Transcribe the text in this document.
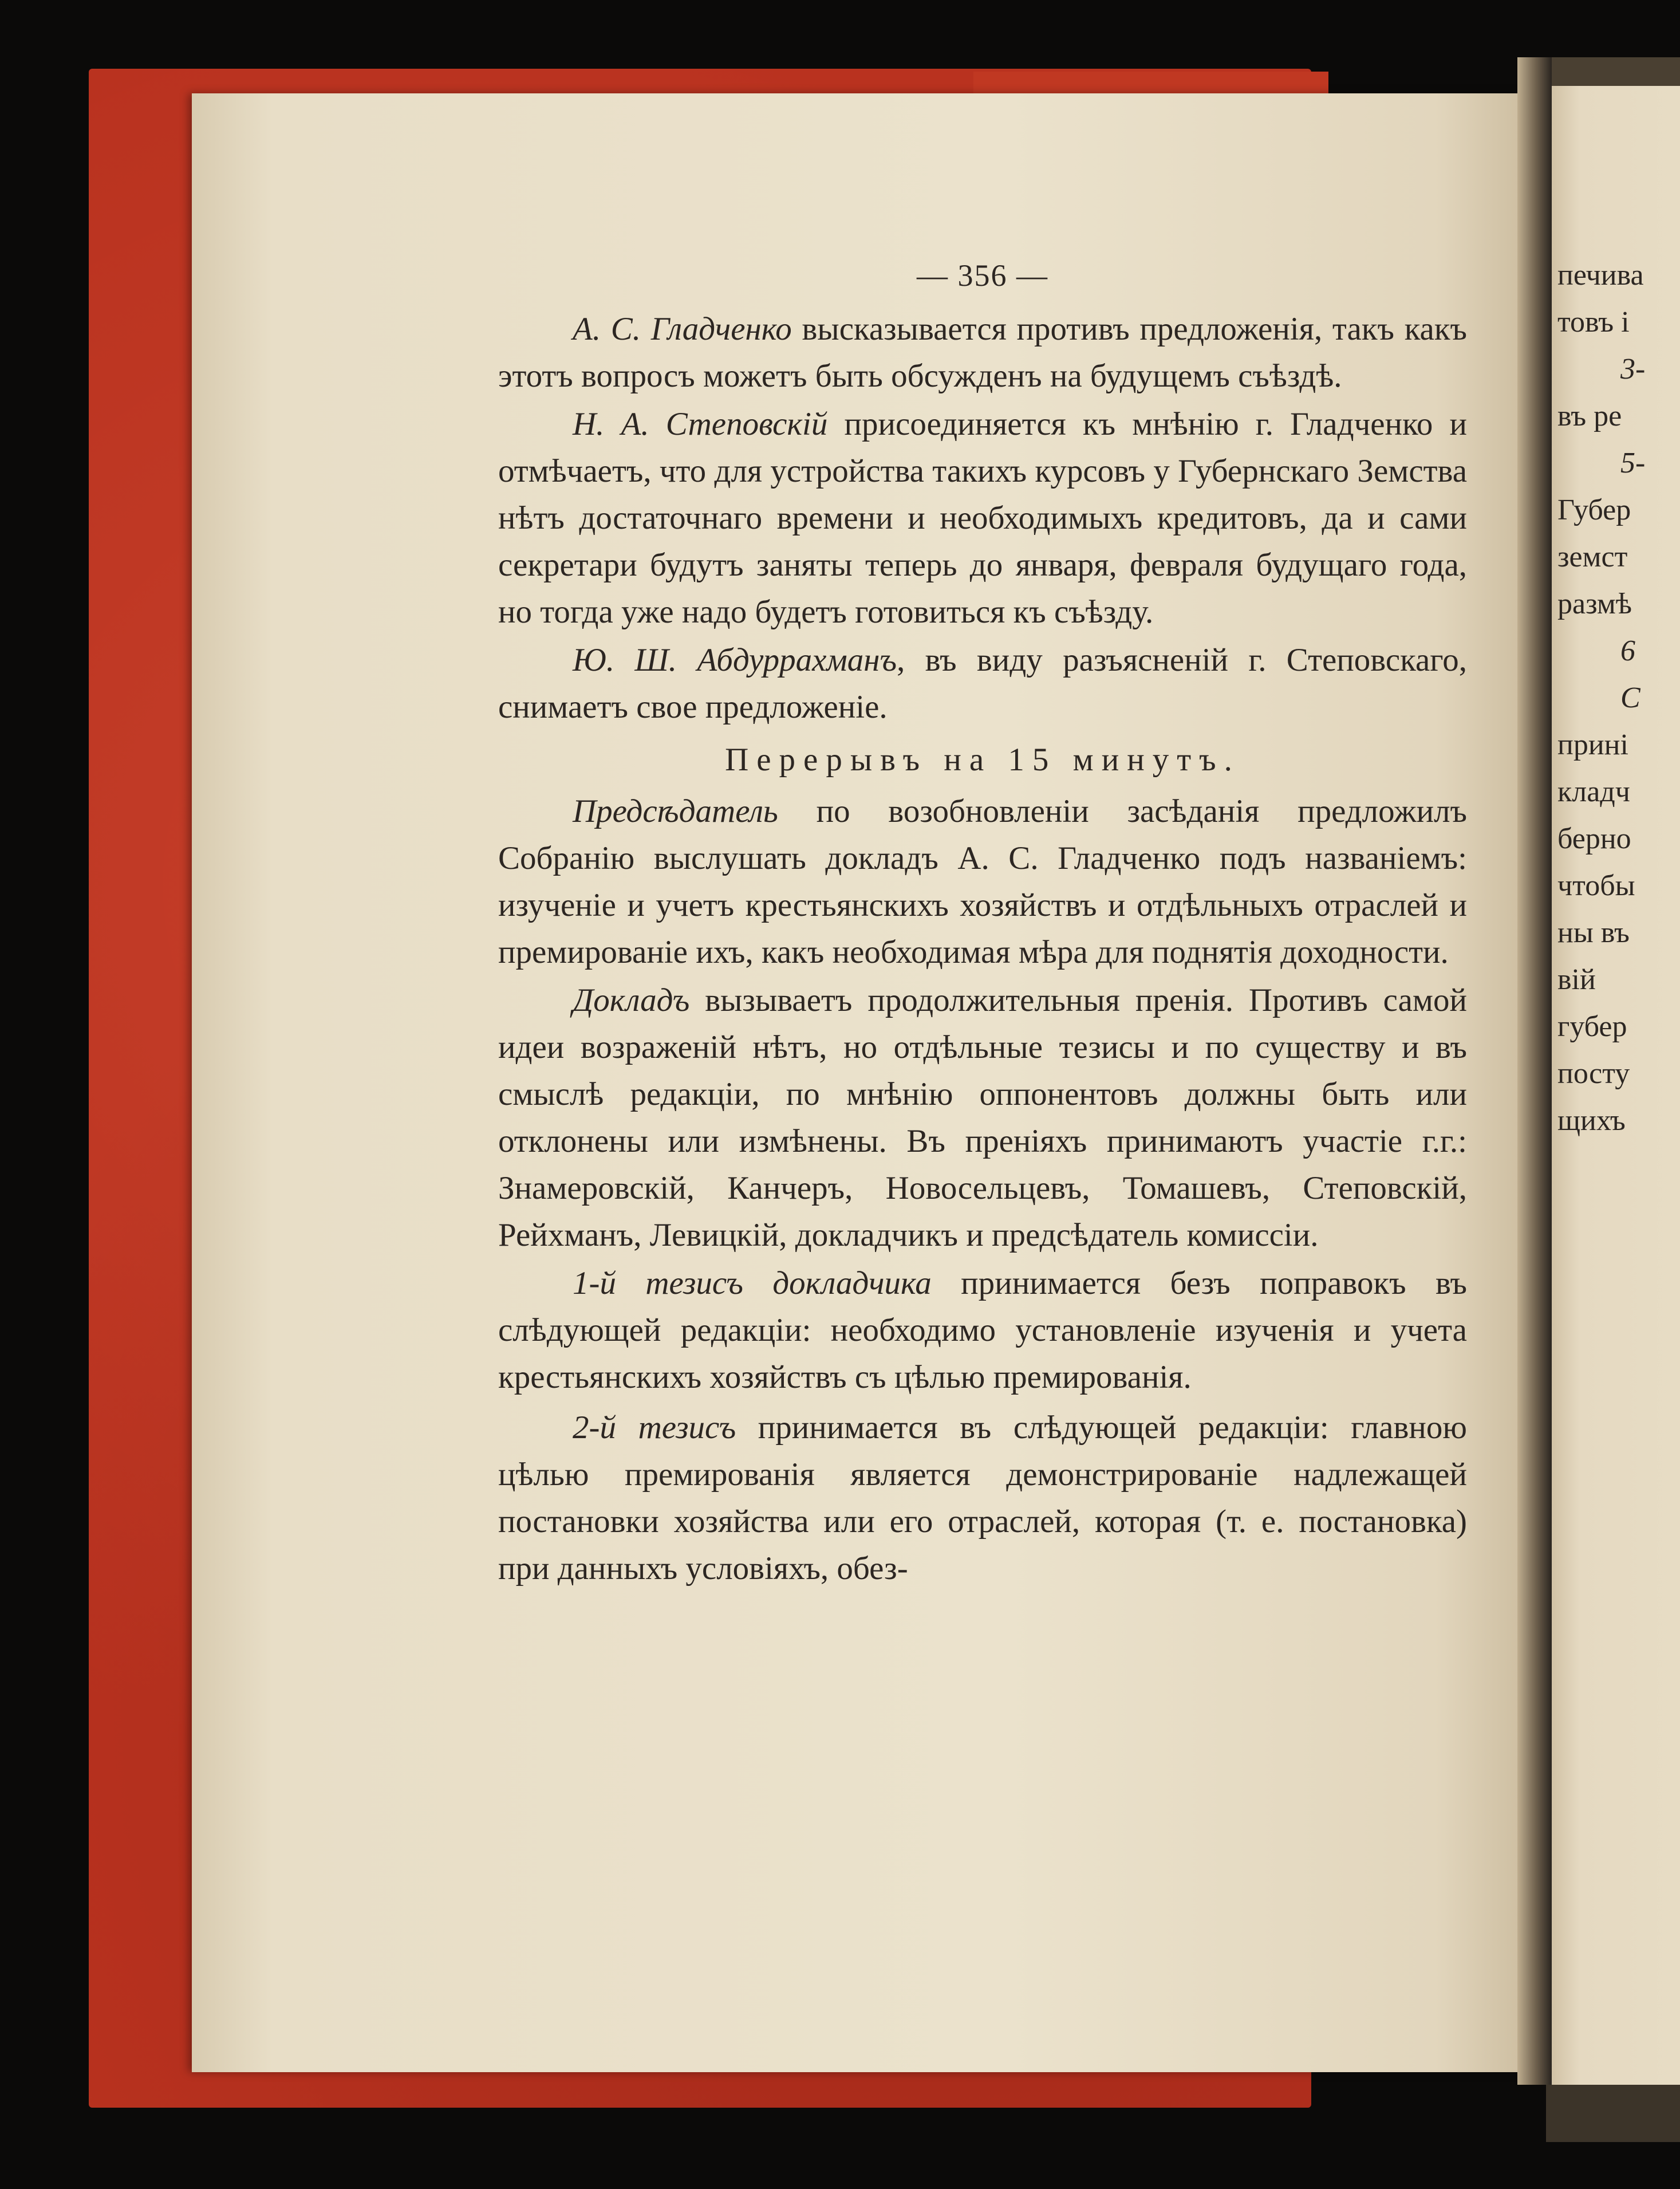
— 356 —

А. С. Гладченко высказывается противъ предложенія, такъ какъ этотъ вопросъ можетъ быть обсужденъ на будущемъ съѣздѣ.

Н. А. Степовскій присоединяется къ мнѣнію г. Гладченко и отмѣчаетъ, что для устройства такихъ курсовъ у Губернскаго Земства нѣтъ достаточнаго времени и необходимыхъ кредитовъ, да и сами секретари будутъ заняты теперь до января, февраля будущаго года, но тогда уже надо будетъ готовиться къ съѣзду.

Ю. Ш. Абдуррахманъ, въ виду разъясненій г. Степовскаго, снимаетъ свое предложеніе.

Перерывъ на 15 минутъ.

Предсѣдатель по возобновленіи засѣданія предложилъ Собранію выслушать докладъ А. С. Гладченко подъ названіемъ: изученіе и учетъ крестьянскихъ хозяйствъ и отдѣльныхъ отраслей и премированіе ихъ, какъ необходимая мѣра для поднятія доходности.

Докладъ вызываетъ продолжительныя пренія. Противъ самой идеи возраженій нѣтъ, но отдѣльные тезисы и по существу и въ смыслѣ редакціи, по мнѣнію оппонентовъ должны быть или отклонены или измѣнены. Въ преніяхъ принимаютъ участіе г.г.: Знамеровскій, Канчеръ, Новосельцевъ, Томашевъ, Степовскій, Рейхманъ, Левицкій, докладчикъ и предсѣдатель комиссіи.

1-й тезисъ докладчика принимается безъ поправокъ въ слѣдующей редакціи: необходимо установленіе изученія и учета крестьянскихъ хозяйствъ съ цѣлью премированія.

2-й тезисъ принимается въ слѣдующей редакціи: главною цѣлью премированія является демонстрированіе надлежащей постановки хозяйства или его отраслей, которая (т. е. постановка) при данныхъ условіяхъ, обез-

печива
товъ і
3-
въ ре
5-
Губер
земст
размѣ
6
С
прині
кладч
берно
чтобы
ны въ
вій
губер
посту
щихъ
